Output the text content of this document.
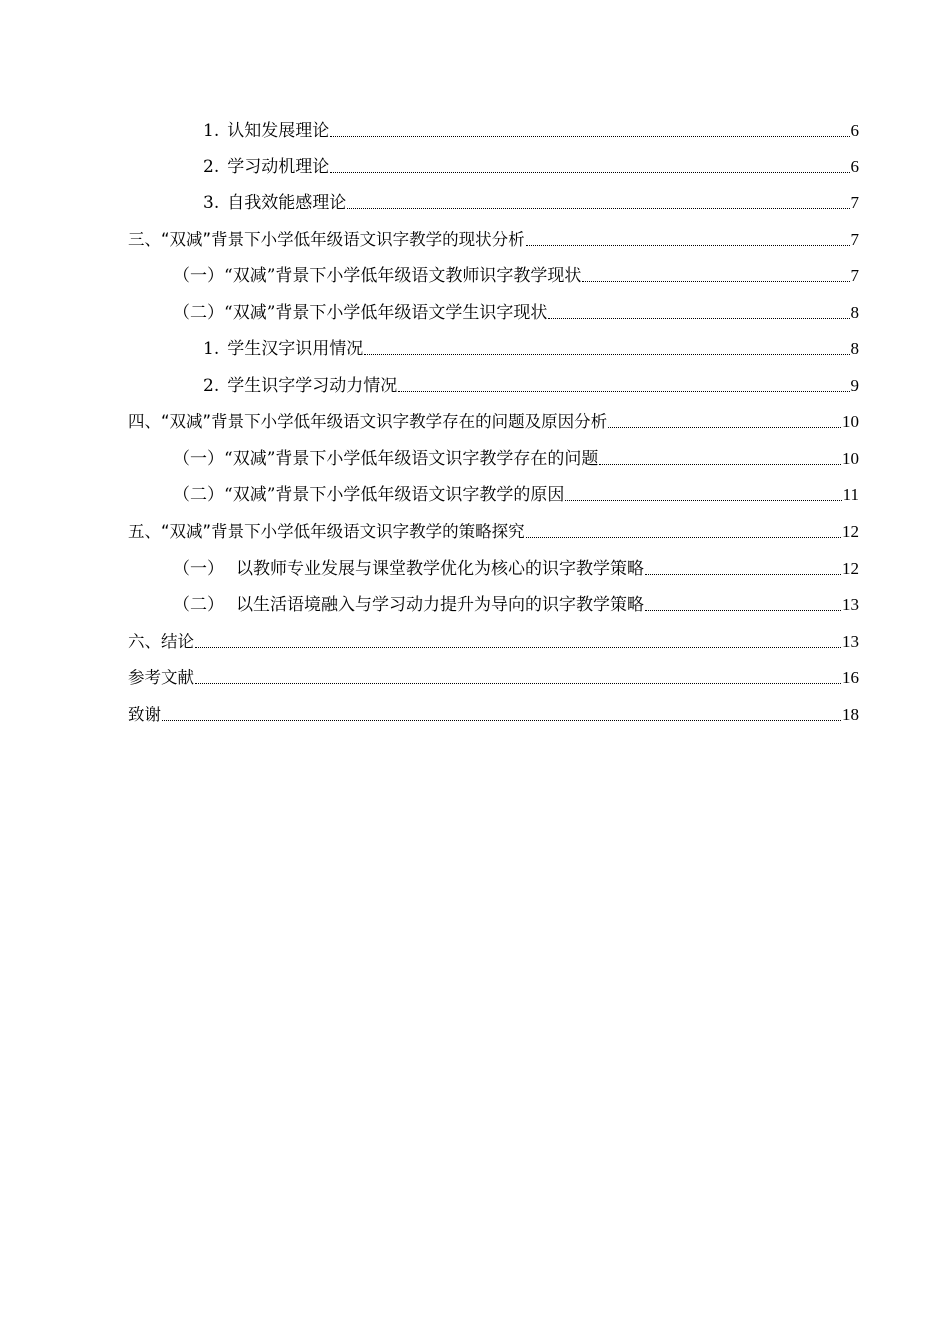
1. 认知发展理论	6
2. 学习动机理论	6
3. 自我效能感理论	7
三、“双减”背景下小学低年级语文识字教学的现状分析	7
（一）“双减”背景下小学低年级语文教师识字教学现状	7
（二）“双减”背景下小学低年级语文学生识字现状	8
1. 学生汉字识用情况	8
2. 学生识字学习动力情况	9
四、“双减”背景下小学低年级语文识字教学存在的问题及原因分析	10
（一）“双减”背景下小学低年级语文识字教学存在的问题	10
（二）“双减”背景下小学低年级语文识字教学的原因	11
五、“双减”背景下小学低年级语文识字教学的策略探究	12
（一） 以教师专业发展与课堂教学优化为核心的识字教学策略	12
（二） 以生活语境融入与学习动力提升为导向的识字教学策略	13
六、结论	13
参考文献	16
致谢	18
